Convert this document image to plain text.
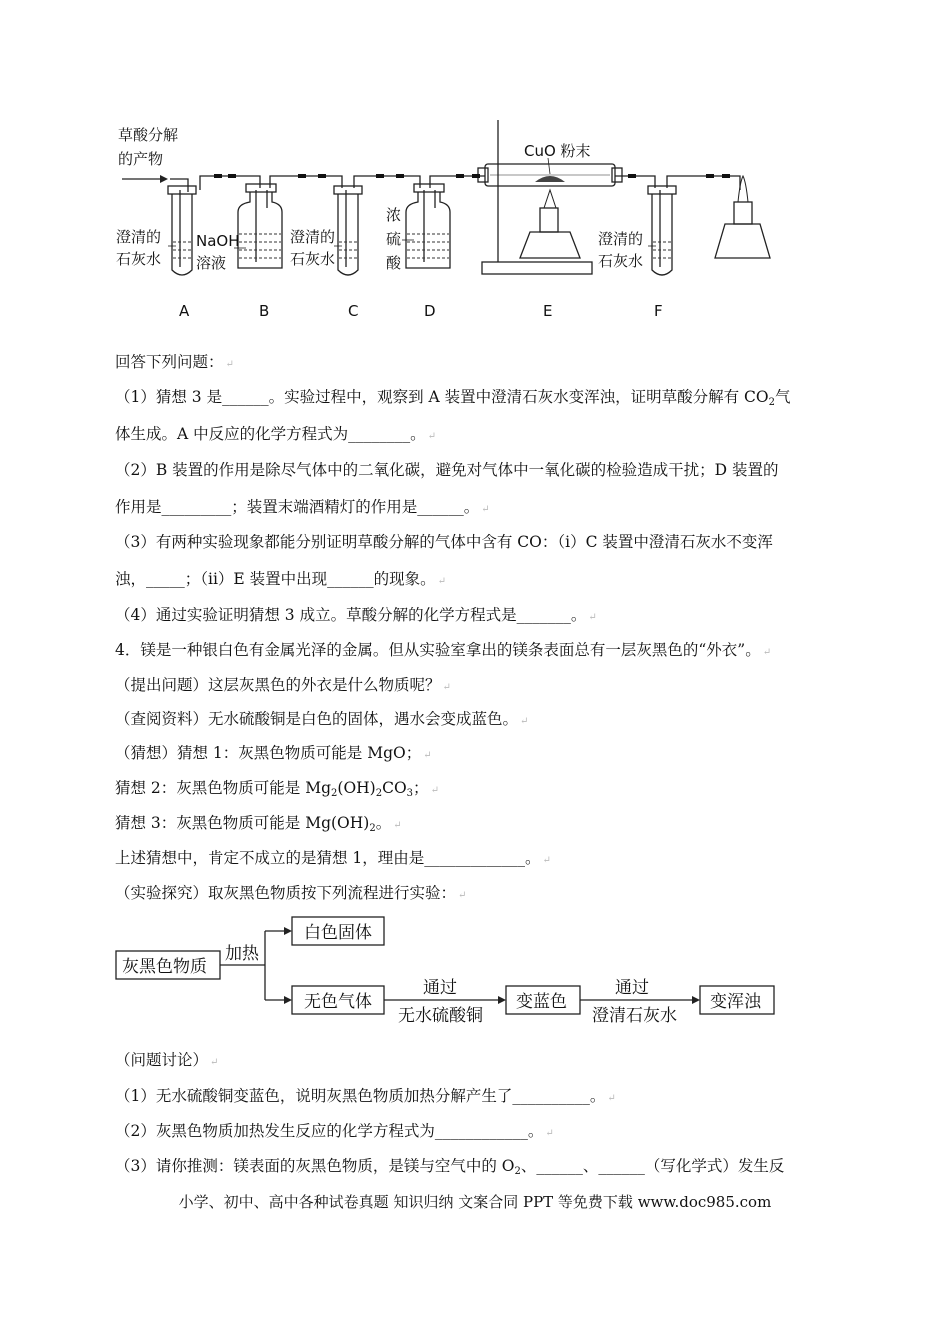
草酸分解
的产物
澄清的
石灰水
NaOH
溶液
澄清的
石灰水
浓
硫
酸
CuO 粉末
澄清的
石灰水
A	B	C	D	E	F
回答下列问题： ↵
（1）猜想 3 是______。实验过程中，观察到 A 装置中澄清石灰水变浑浊，证明草酸分解有 $CO_2$气
体生成。A 中反应的化学方程式为________。 ↵
（2）B 装置的作用是除尽气体中的二氧化碳，避免对气体中一氧化碳的检验造成干扰；D 装置的
作用是_________；装置末端酒精灯的作用是______。 ↵
（3）有两种实验现象都能分别证明草酸分解的气体中含有 CO：（i）C 装置中澄清石灰水不变浑
浊，_____；（ii）E 装置中出现______的现象。 ↵
（4）通过实验证明猜想 3 成立。草酸分解的化学方程式是_______。 ↵
4．镁是一种银白色有金属光泽的金属。但从实验室拿出的镁条表面总有一层灰黑色的“外衣”。 ↵
（提出问题）这层灰黑色的外衣是什么物质呢？ ↵
（查阅资料）无水硫酸铜是白色的固体，遇水会变成蓝色。 ↵
（猜想）猜想 1：灰黑色物质可能是 MgO； ↵
猜想 2：灰黑色物质可能是 $Mg_2(OH)_2CO_3$； ↵
猜想 3：灰黑色物质可能是 $Mg(OH)_2$。 ↵
上述猜想中，肯定不成立的是猜想 1，理由是_____________。 ↵
（实验探究）取灰黑色物质按下列流程进行实验： ↵
灰黑色物质
加热
白色固体
无色气体
通过
无水硫酸铜
变蓝色
通过
澄清石灰水
变浑浊
（问题讨论） ↵
（1）无水硫酸铜变蓝色，说明灰黑色物质加热分解产生了__________。 ↵
（2）灰黑色物质加热发生反应的化学方程式为____________。 ↵
（3）请你推测：镁表面的灰黑色物质，是镁与空气中的 $O_2$、______、______（写化学式）发生反
小学、初中、高中各种试卷真题 知识归纳 文案合同 PPT 等免费下载 www.doc985.com
